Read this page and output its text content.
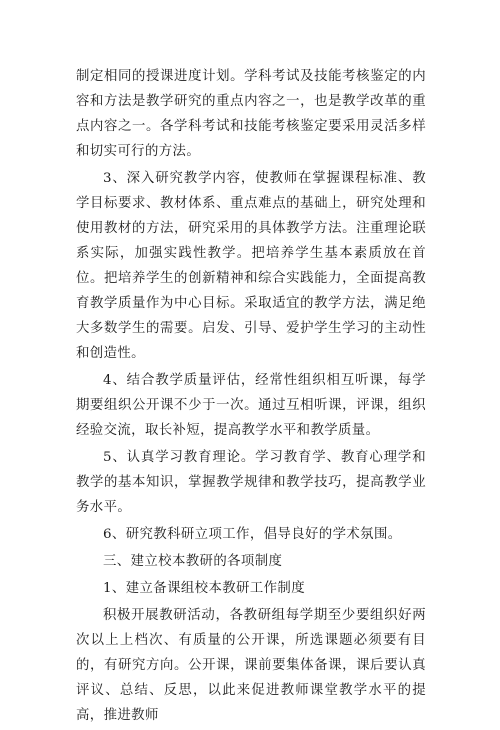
制定相同的授课进度计划。学科考试及技能考核鉴定的内容和方法是教学研究的重点内容之一，也是教学改革的重点内容之一。各学科考试和技能考核鉴定要采用灵活多样和切实可行的方法。

3、深入研究教学内容，使教师在掌握课程标准、教学目标要求、教材体系、重点难点的基础上，研究处理和使用教材的方法，研究采用的具体教学方法。注重理论联系实际，加强实践性教学。把培养学生基本素质放在首位。把培养学生的创新精神和综合实践能力，全面提高教育教学质量作为中心目标。采取适宜的教学方法，满足绝大多数学生的需要。启发、引导、爱护学生学习的主动性和创造性。

4、结合教学质量评估，经常性组织相互听课，每学期要组织公开课不少于一次。通过互相听课，评课，组织经验交流，取长补短，提高教学水平和教学质量。

5、认真学习教育理论。学习教育学、教育心理学和教学的基本知识，掌握教学规律和教学技巧，提高教学业务水平。

6、研究教科研立项工作，倡导良好的学术氛围。

三、建立校本教研的各项制度

1、建立备课组校本教研工作制度

积极开展教研活动，各教研组每学期至少要组织好两次以上上档次、有质量的公开课，所选课题必须要有目的，有研究方向。公开课，课前要集体备课，课后要认真评议、总结、反思，以此来促进教师课堂教学水平的提高，推进教师
